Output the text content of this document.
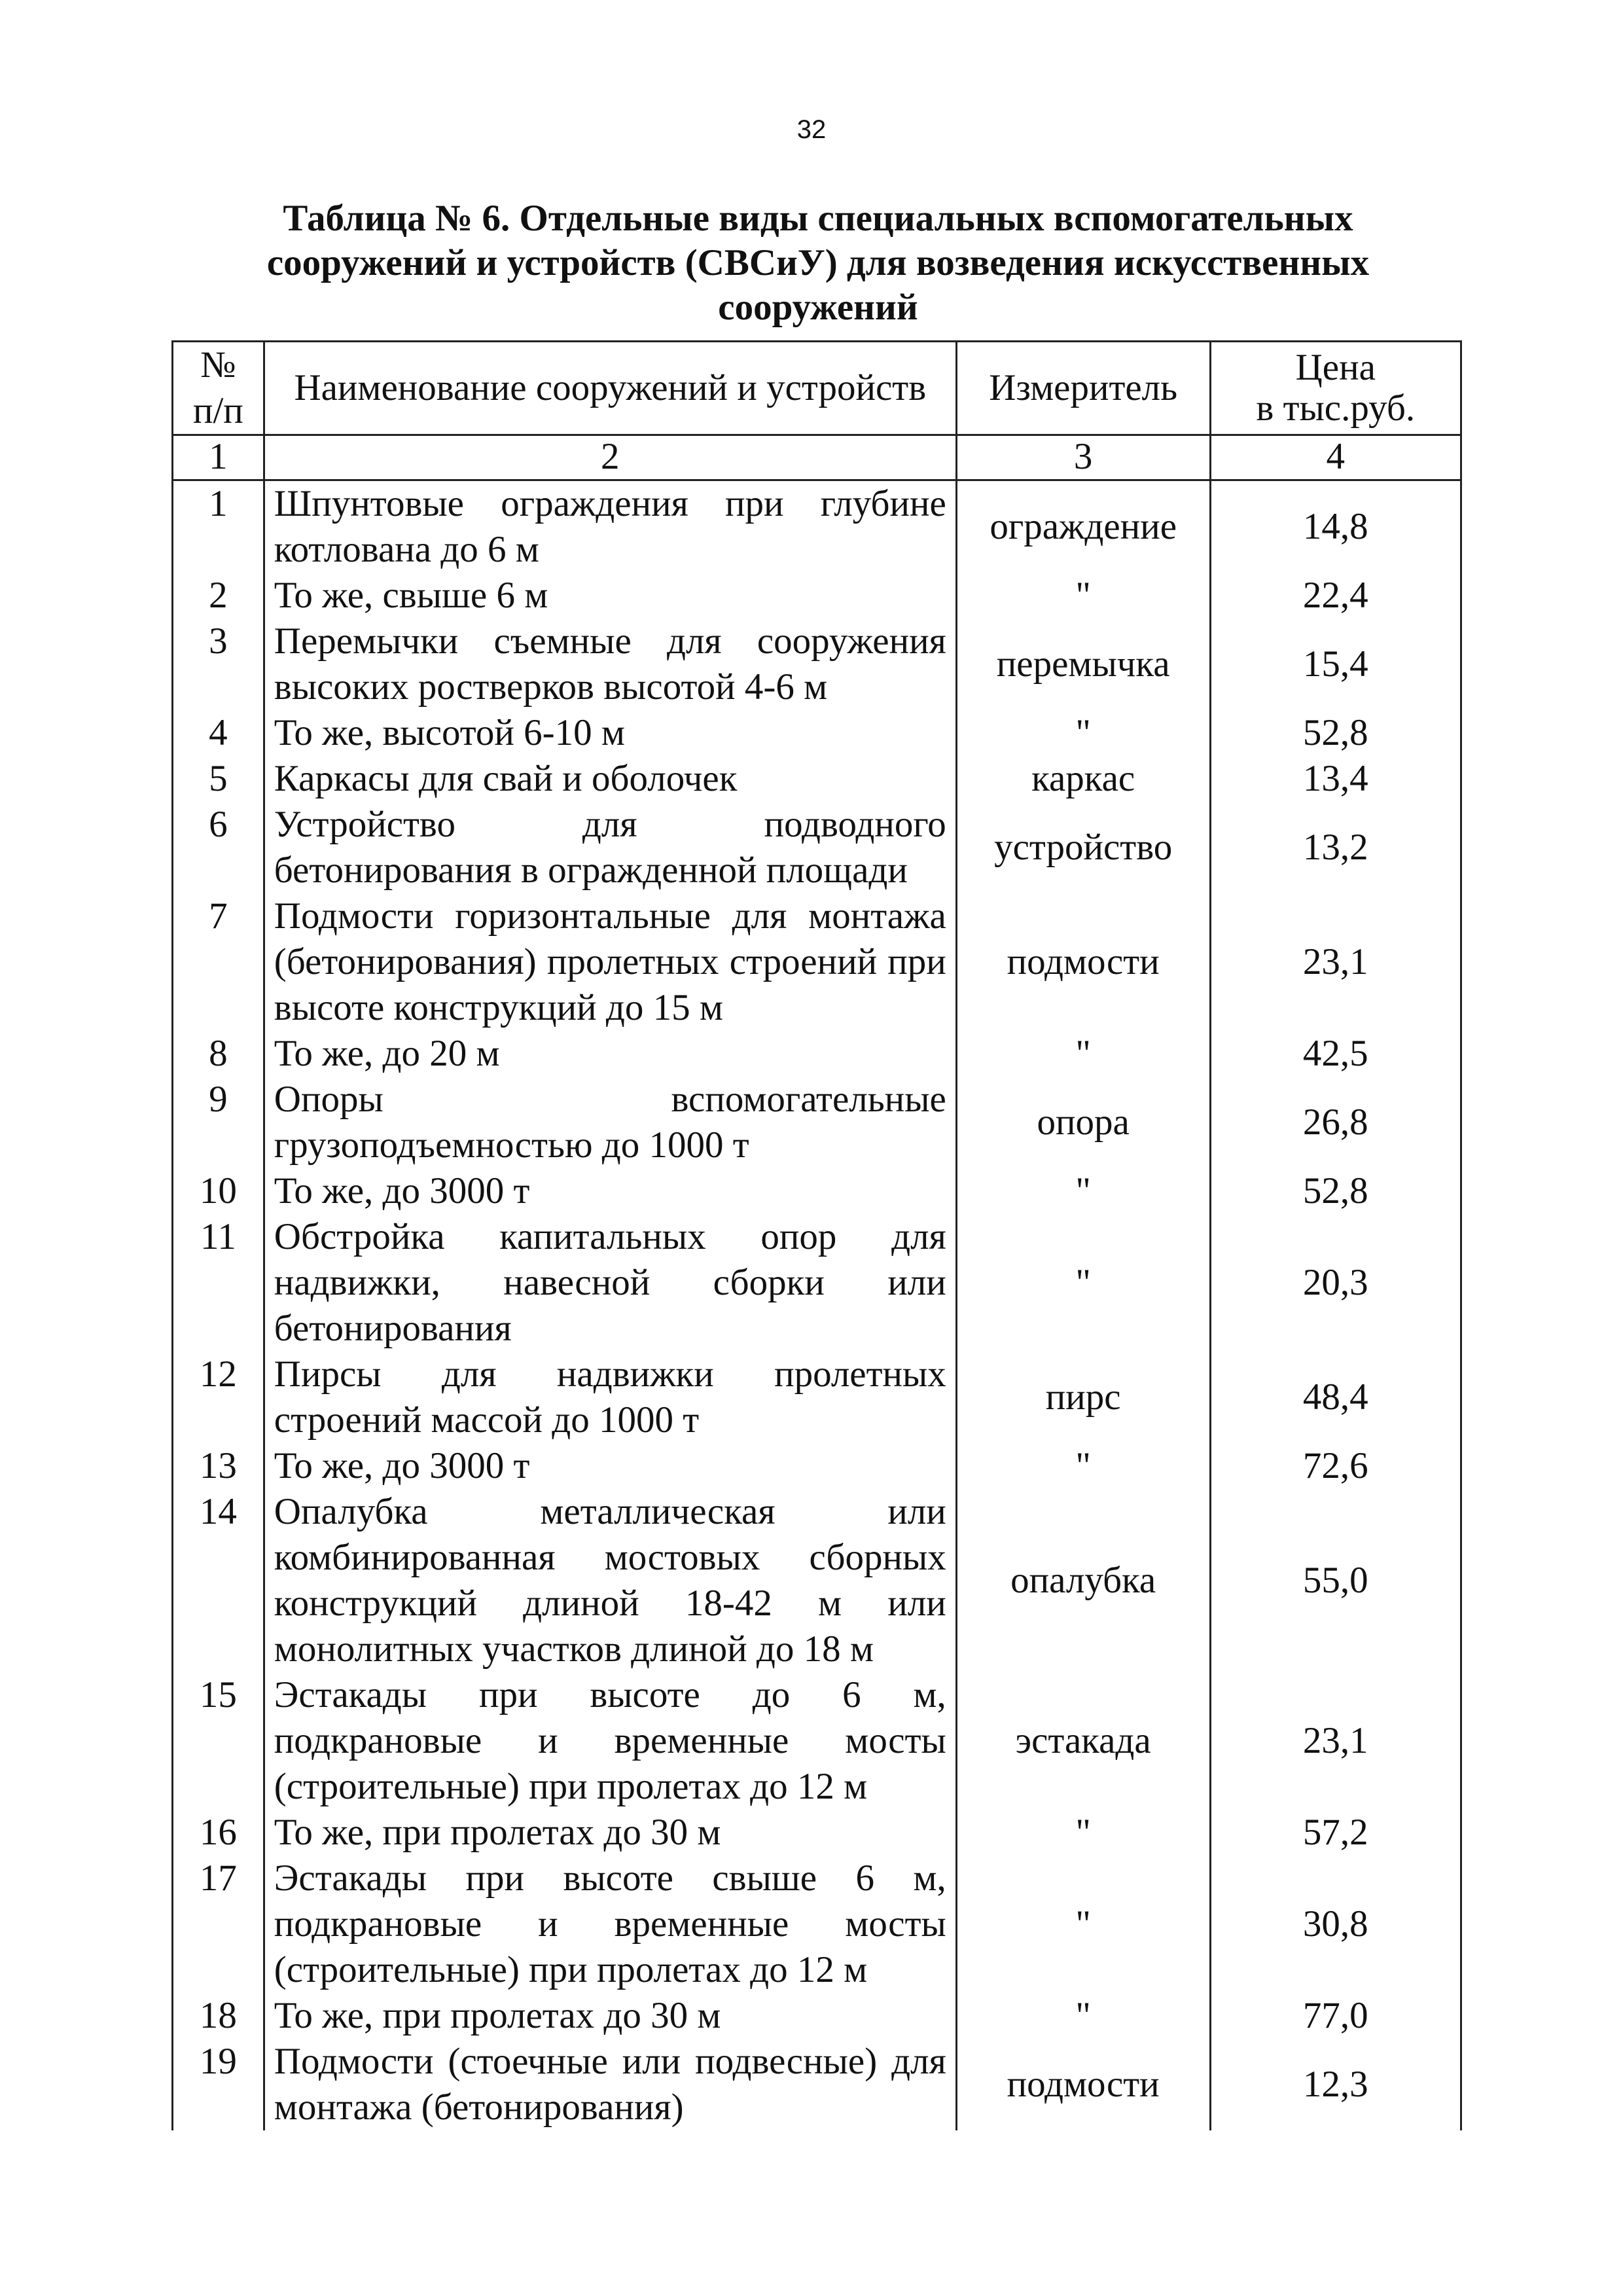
32
Таблица № 6. Отдельные виды специальных вспомогательных сооружений и устройств (СВСиУ) для возведения искусственных сооружений
№ п/п	Наименование сооружений и устройств	Измеритель	Цена
в тыс.руб.
1	2	3	4
1	Шпунтовые ограждения при глубине котлована до 6 м	ограждение	14,8
2	То же, свыше 6 м	"	22,4
3	Перемычки съемные для сооружения высоких ростверков высотой 4-6 м	перемычка	15,4
4	То же, высотой 6-10 м	"	52,8
5	Каркасы для свай и оболочек	каркас	13,4
6	Устройство для подводного бетонирования в огражденной площади	устройство	13,2
7	Подмости горизонтальные для монтажа (бетонирования) пролетных строений при высоте конструкций до 15 м	подмости	23,1
8	То же, до 20 м	"	42,5
9	Опоры вспомогательные грузоподъемностью до 1000 т	опора	26,8
10	То же, до 3000 т	"	52,8
11	Обстройка капитальных опор для надвижки, навесной сборки или бетонирования	"	20,3
12	Пирсы для надвижки пролетных строений массой до 1000 т	пирс	48,4
13	То же, до 3000 т	"	72,6
14	Опалубка металлическая или комбинированная мостовых сборных конструкций длиной 18-42 м или монолитных участков длиной до 18 м	опалубка	55,0
15	Эстакады при высоте до 6 м, подкрановые и временные мосты (строительные) при пролетах до 12 м	эстакада	23,1
16	То же, при пролетах до 30 м	"	57,2
17	Эстакады при высоте свыше 6 м, подкрановые и временные мосты (строительные) при пролетах до 12 м	"	30,8
18	То же, при пролетах до 30 м	"	77,0
19	Подмости (стоечные или подвесные) для монтажа (бетонирования)	подмости	12,3
